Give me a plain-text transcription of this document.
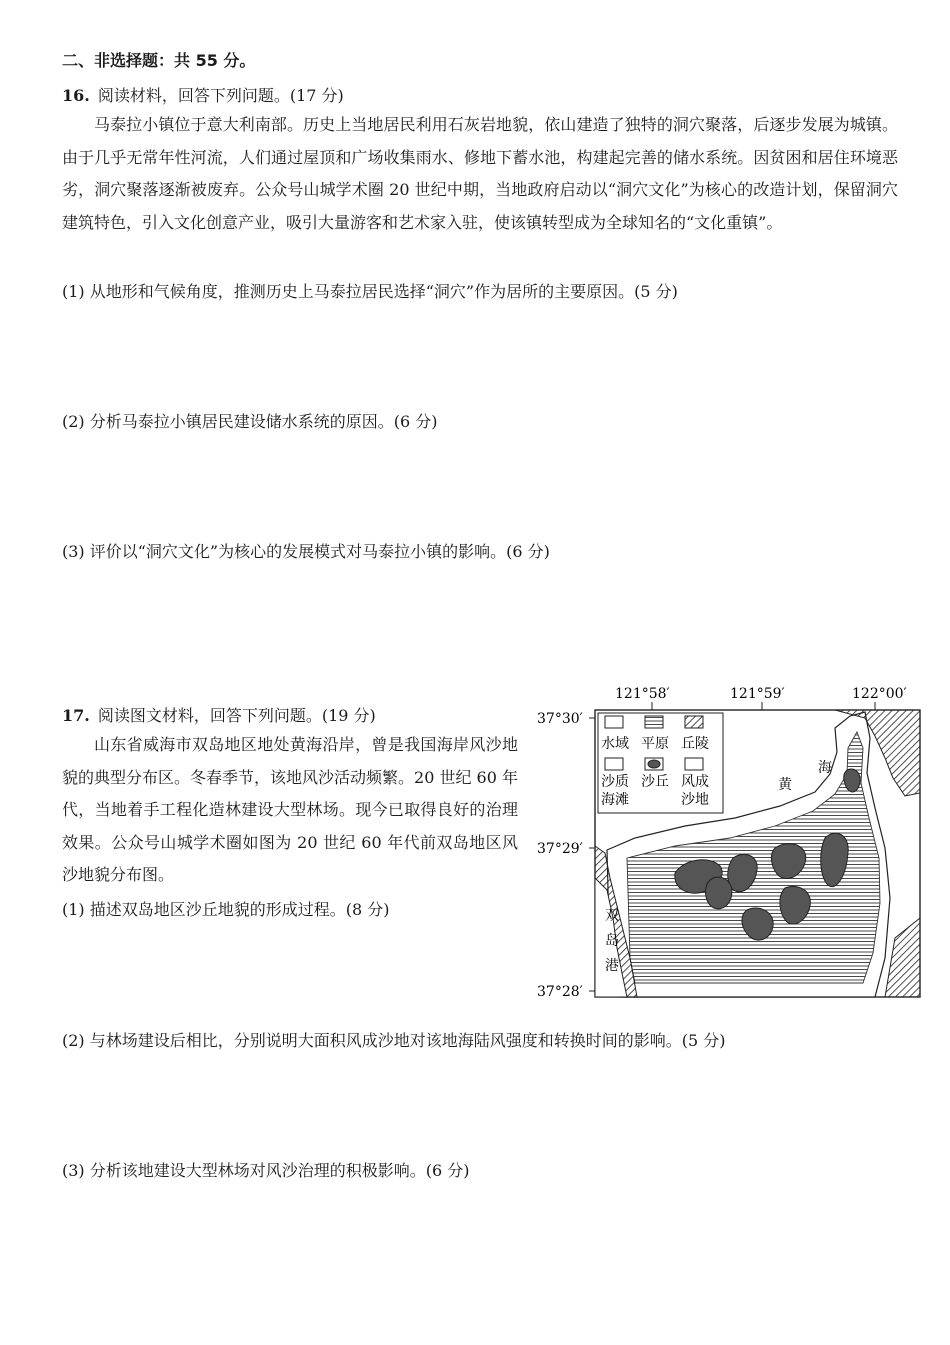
二、非选择题：共 55 分。
16. 阅读材料，回答下列问题。(17 分)

马泰拉小镇位于意大利南部。历史上当地居民利用石灰岩地貌，依山建造了独特的洞穴聚落，后逐步发展为城镇。由于几乎无常年性河流，人们通过屋顶和广场收集雨水、修地下蓄水池，构建起完善的储水系统。因贫困和居住环境恶劣，洞穴聚落逐渐被废弃。公众号山城学术圈 20 世纪中期，当地政府启动以“洞穴文化”为核心的改造计划，保留洞穴建筑特色，引入文化创意产业，吸引大量游客和艺术家入驻，使该镇转型成为全球知名的“文化重镇”。

(1) 从地形和气候角度，推测历史上马泰拉居民选择“洞穴”作为居所的主要原因。(5 分)
(2) 分析马泰拉小镇居民建设储水系统的原因。(6 分)
(3) 评价以“洞穴文化”为核心的发展模式对马泰拉小镇的影响。(6 分)
17. 阅读图文材料，回答下列问题。(19 分)

山东省威海市双岛地区地处黄海沿岸，曾是我国海岸风沙地貌的典型分布区。冬春季节，该地风沙活动频繁。20 世纪 60 年代，当地着手工程化造林建设大型林场。现今已取得良好的治理效果。公众号山城学术圈如图为 20 世纪 60 年代前双岛地区风沙地貌分布图。

(1) 描述双岛地区沙丘地貌的形成过程。(8 分)
121°58′	121°59′	122°00′
37°30′
37°29′
37°28′
黄
海
双
岛
港
水域 平原 丘陵
沙质
海滩
沙丘 风成
沙地
(2) 与林场建设后相比，分别说明大面积风成沙地对该地海陆风强度和转换时间的影响。(5 分)
(3) 分析该地建设大型林场对风沙治理的积极影响。(6 分)
